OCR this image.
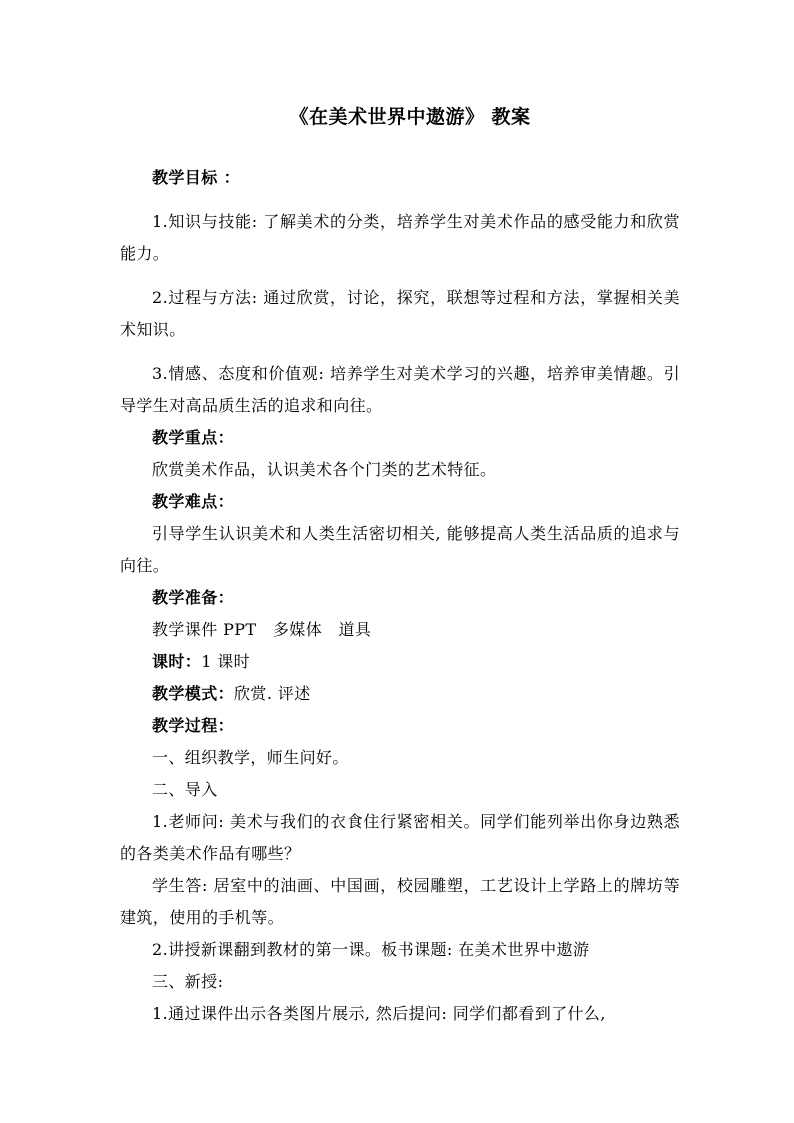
《在美术世界中遨游》 教案

教学目标 ：

1.知识与技能: 了解美术的分类，培养学生对美术作品的感受能力和欣赏能力。

2.过程与方法: 通过欣赏，讨论，探究，联想等过程和方法，掌握相关美术知识。

3.情感、态度和价值观: 培养学生对美术学习的兴趣，培养审美情趣。引导学生对高品质生活的追求和向往。

教学重点：

欣赏美术作品，认识美术各个门类的艺术特征。

教学难点：

引导学生认识美术和人类生活密切相关, 能够提高人类生活品质的追求与向往。

教学准备：

教学课件 PPT　多媒体　道具

课时：1 课时

教学模式：欣赏. 评述

教学过程：

一、组织教学，师生问好。

二、导入

1.老师问: 美术与我们的衣食住行紧密相关。同学们能列举出你身边熟悉的各类美术作品有哪些？

学生答: 居室中的油画、中国画，校园雕塑，工艺设计上学路上的牌坊等建筑，使用的手机等。

2.讲授新课翻到教材的第一课。板书课题: 在美术世界中遨游

三、新授:

1.通过课件出示各类图片展示, 然后提问: 同学们都看到了什么,
